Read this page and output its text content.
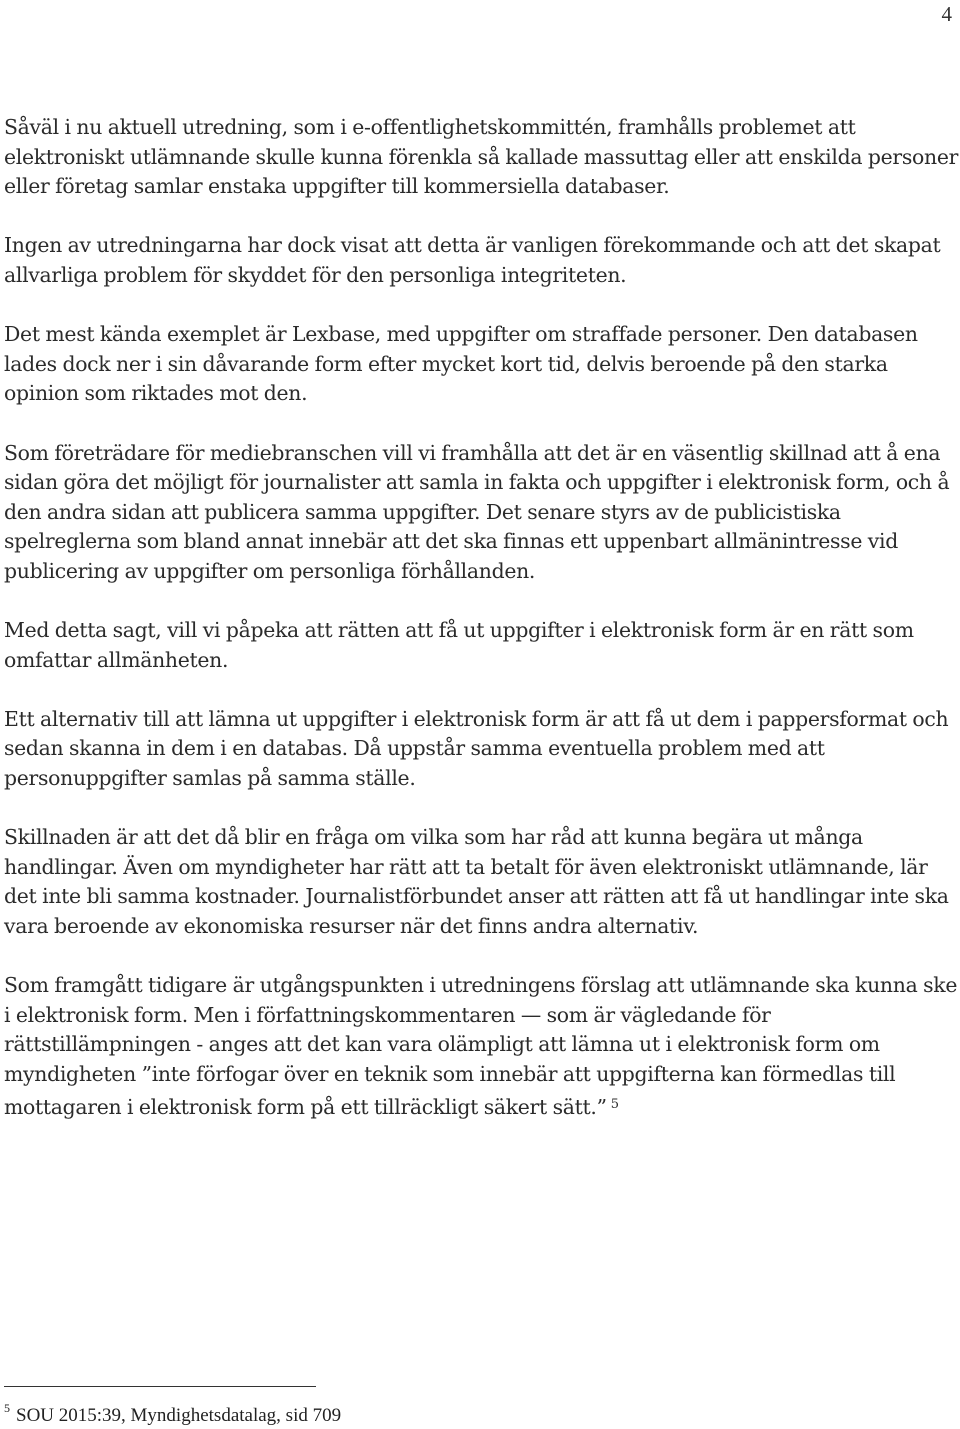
4

Såväl i nu aktuell utredning, som i e-offentlighetskommittén, framhålls problemet att elektroniskt utlämnande skulle kunna förenkla så kallade massuttag eller att enskilda personer eller företag samlar enstaka uppgifter till kommersiella databaser.

Ingen av utredningarna har dock visat att detta är vanligen förekommande och att det skapat allvarliga problem för skyddet för den personliga integriteten.

Det mest kända exemplet är Lexbase, med uppgifter om straffade personer. Den databasen lades dock ner i sin dåvarande form efter mycket kort tid, delvis beroende på den starka opinion som riktades mot den.

Som företrädare för mediebranschen vill vi framhålla att det är en väsentlig skillnad att å ena sidan göra det möjligt för journalister att samla in fakta och uppgifter i elektronisk form, och å den andra sidan att publicera samma uppgifter. Det senare styrs av de publicistiska spelreglerna som bland annat innebär att det ska finnas ett uppenbart allmänintresse vid publicering av uppgifter om personliga förhållanden.

Med detta sagt, vill vi påpeka att rätten att få ut uppgifter i elektronisk form är en rätt som omfattar allmänheten.

Ett alternativ till att lämna ut uppgifter i elektronisk form är att få ut dem i pappersformat och sedan skanna in dem i en databas. Då uppstår samma eventuella problem med att personuppgifter samlas på samma ställe.

Skillnaden är att det då blir en fråga om vilka som har råd att kunna begära ut många handlingar. Även om myndigheter har rätt att ta betalt för även elektroniskt utlämnande, lär det inte bli samma kostnader. Journalistförbundet anser att rätten att få ut handlingar inte ska vara beroende av ekonomiska resurser när det finns andra alternativ.

Som framgått tidigare är utgångspunkten i utredningens förslag att utlämnande ska kunna ske i elektronisk form. Men i författningskommentaren — som är vägledande för rättstillämpningen - anges att det kan vara olämpligt att lämna ut i elektronisk form om myndigheten ”inte förfogar över en teknik som innebär att uppgifterna kan förmedlas till mottagaren i elektronisk form på ett tillräckligt säkert sätt.” $^5$

$^5$ SOU 2015:39, Myndighetsdatalag, sid 709
